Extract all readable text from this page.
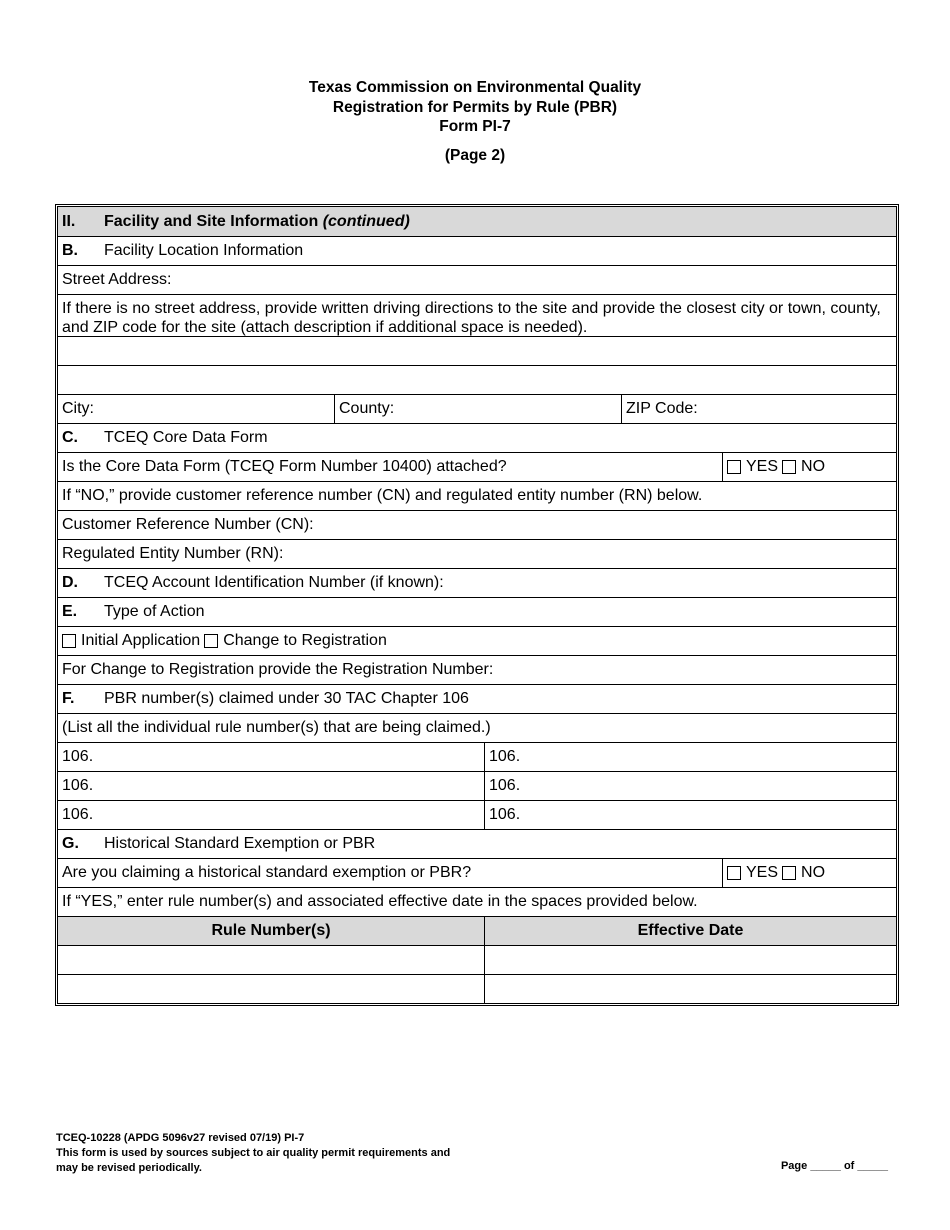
Texas Commission on Environmental Quality
Registration for Permits by Rule (PBR)
Form PI-7
(Page 2)
II.	Facility and Site Information
(continued)
B.	Facility Location Information
Street Address:
If there is no street address, provide written driving directions to the site and provide the closest city or town, county, and ZIP code for the site (attach description if additional space is needed).
City:	County:	ZIP Code:
C.	TCEQ Core Data Form
Is the Core Data Form (TCEQ Form Number 10400) attached?	YES NO
If “NO,” provide customer reference number (CN) and regulated entity number (RN) below.
Customer Reference Number (CN):
Regulated Entity Number (RN):
D.	TCEQ Account Identification Number (if known):
E.	Type of Action
Initial Application Change to Registration
For Change to Registration provide the Registration Number:
F.	PBR number(s) claimed under 30 TAC Chapter 106
(List all the individual rule number(s) that are being claimed.)
106.	106.
106.	106.
106.	106.
G.	Historical Standard Exemption or PBR
Are you claiming a historical standard exemption or PBR?	YES NO
If “YES,” enter rule number(s) and associated effective date in the spaces provided below.
Rule Number(s)	Effective Date
TCEQ-10228 (APDG 5096v27 revised 07/19) PI-7
This form is used by sources subject to air quality permit requirements and
may be revised periodically.	Page _____ of _____
